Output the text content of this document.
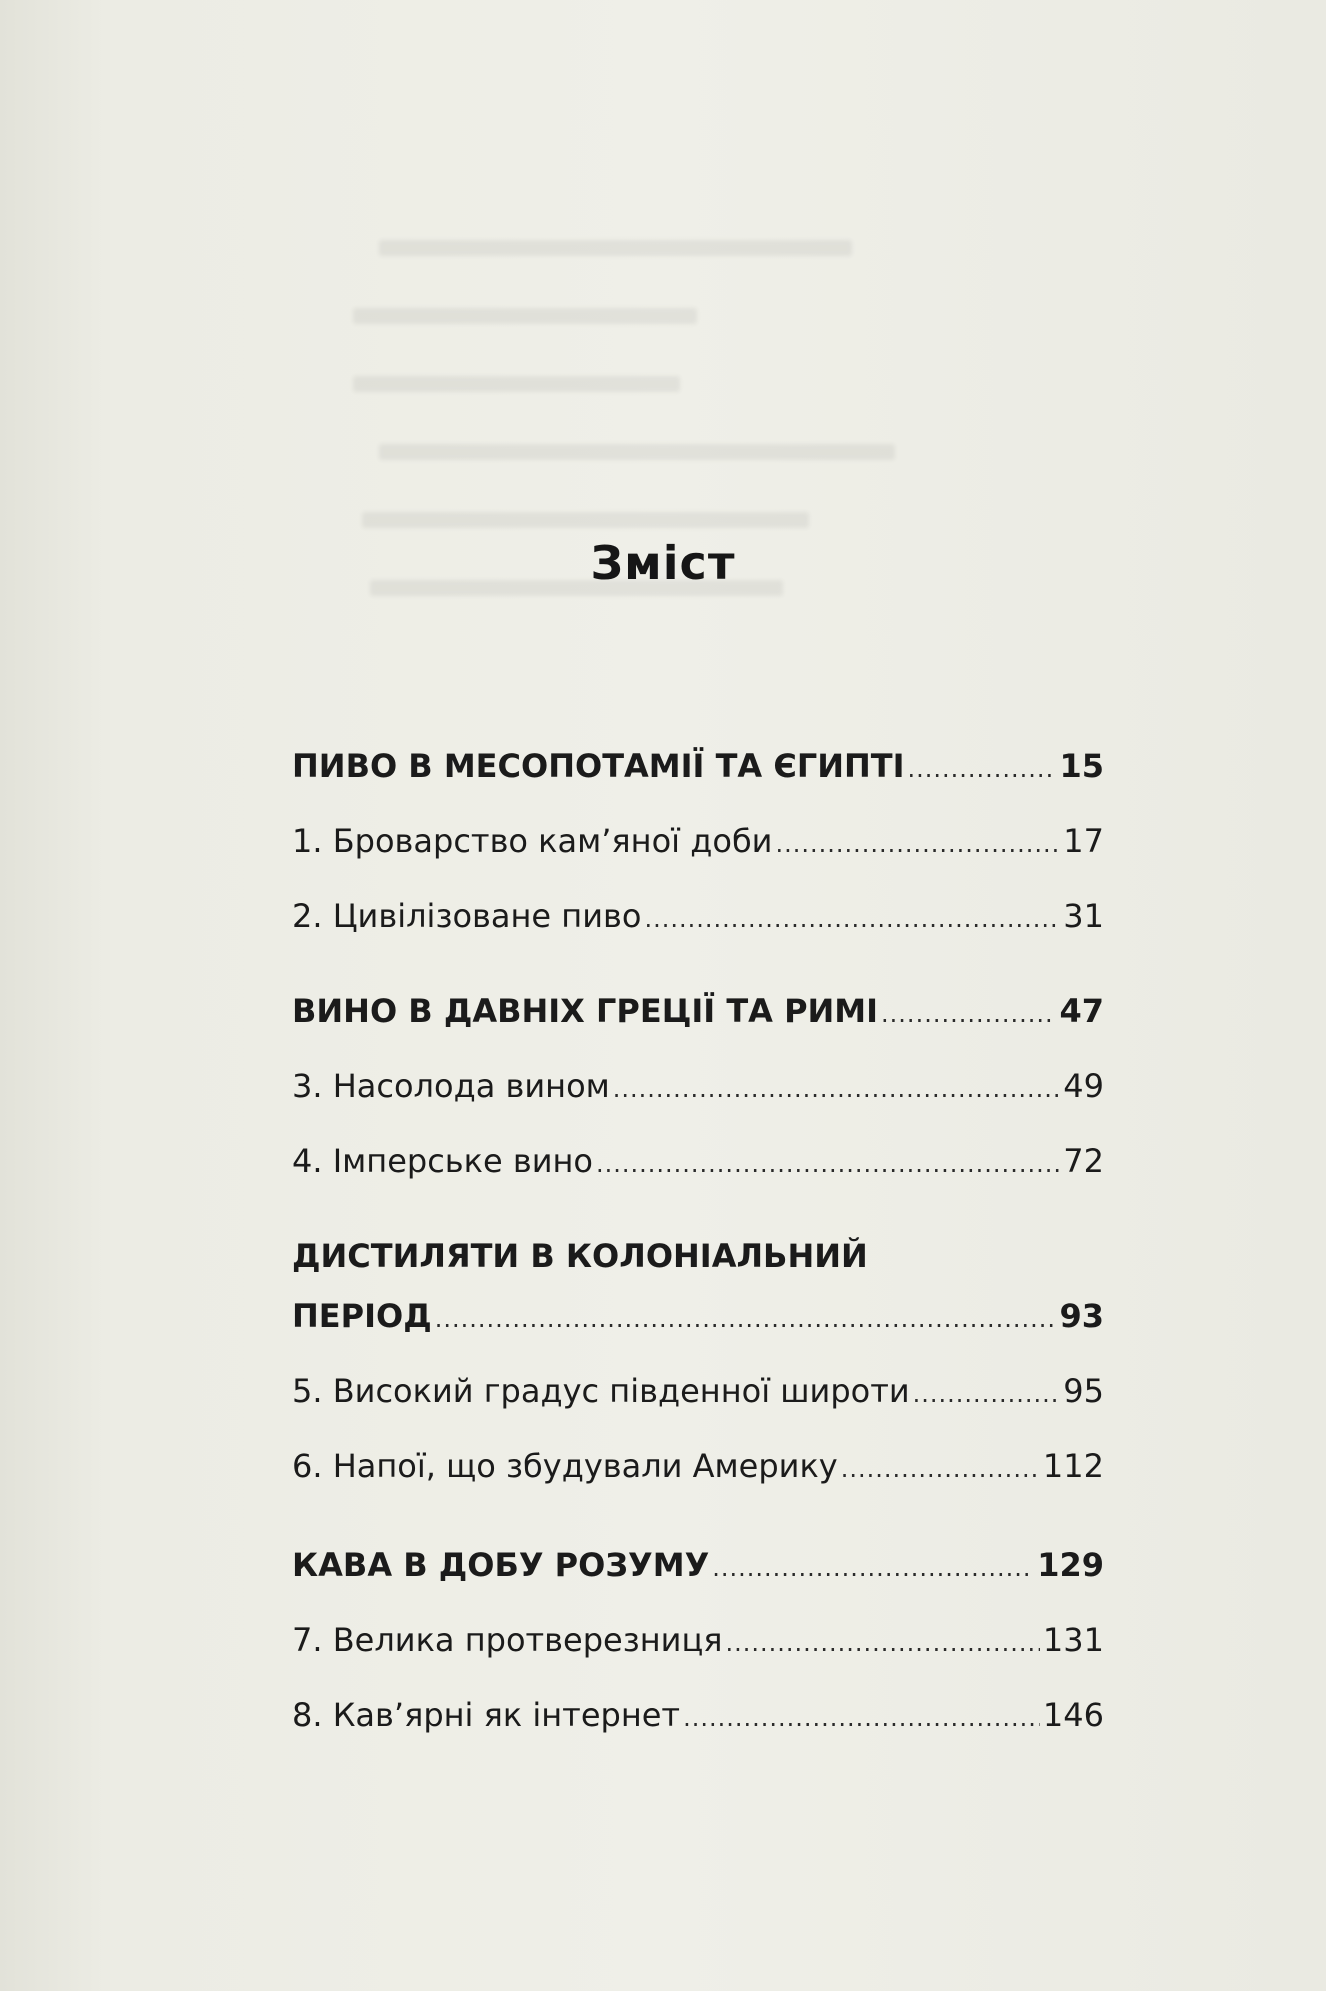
Зміст
ПИВО В МЕСОПОТАМІЇ ТА ЄГИПТІ .....	15
1. Броварство кам’яної доби .....	17
2. Цивілізоване пиво .....	31
ВИНО В ДАВНІХ ГРЕЦІЇ ТА РИМІ .....	47
3. Насолода вином .....	49
4. Імперське вино .....	72
ДИСТИЛЯТИ В КОЛОНІАЛЬНИЙ
ПЕРІОД .....	93
5. Високий градус південної широти .....	95
6. Напої, що збудували Америку .....	112
КАВА В ДОБУ РОЗУМУ .....	129
7. Велика протверезниця .....	131
8. Кав’ярні як інтернет .....	146
